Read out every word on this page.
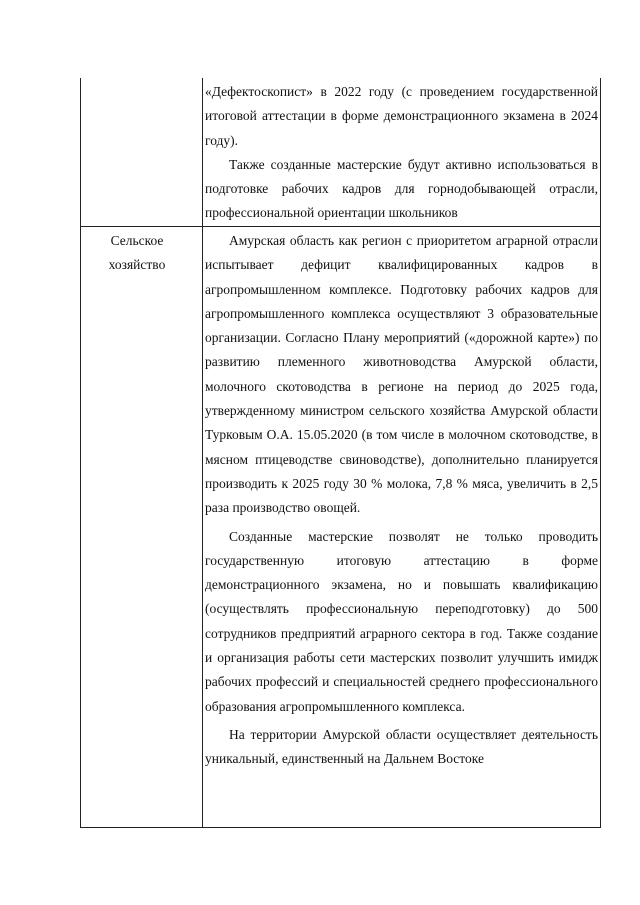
«Дефектоскопист» в 2022 году (с проведением государственной итоговой аттестации в форме демонстрационного экзамена в 2024 году).

Также созданные мастерские будут активно использоваться в подготовке рабочих кадров для горнодобывающей отрасли, профессиональной ориентации школьников

Сельское хозяйство

Амурская область как регион с приоритетом аграрной отрасли испытывает дефицит квалифицированных кадров в агропромышленном комплексе. Подготовку рабочих кадров для агропромышленного комплекса осуществляют 3 образовательные организации. Согласно Плану мероприятий («дорожной карте») по развитию племенного животноводства Амурской области, молочного скотоводства в регионе на период до 2025 года, утвержденному министром сельского хозяйства Амурской области Турковым О.А. 15.05.2020 (в том числе в молочном скотоводстве, в мясном птицеводстве свиноводстве), дополнительно планируется производить к 2025 году 30 % молока, 7,8 % мяса, увеличить в 2,5 раза производство овощей.

Созданные мастерские позволят не только проводить государственную итоговую аттестацию в форме демонстрационного экзамена, но и повышать квалификацию (осуществлять профессиональную переподготовку) до 500 сотрудников предприятий аграрного сектора в год. Также создание и организация работы сети мастерских позволит улучшить имидж рабочих профессий и специальностей среднего профессионального образования агропромышленного комплекса.

На территории Амурской области осуществляет деятельность уникальный, единственный на Дальнем Востоке
